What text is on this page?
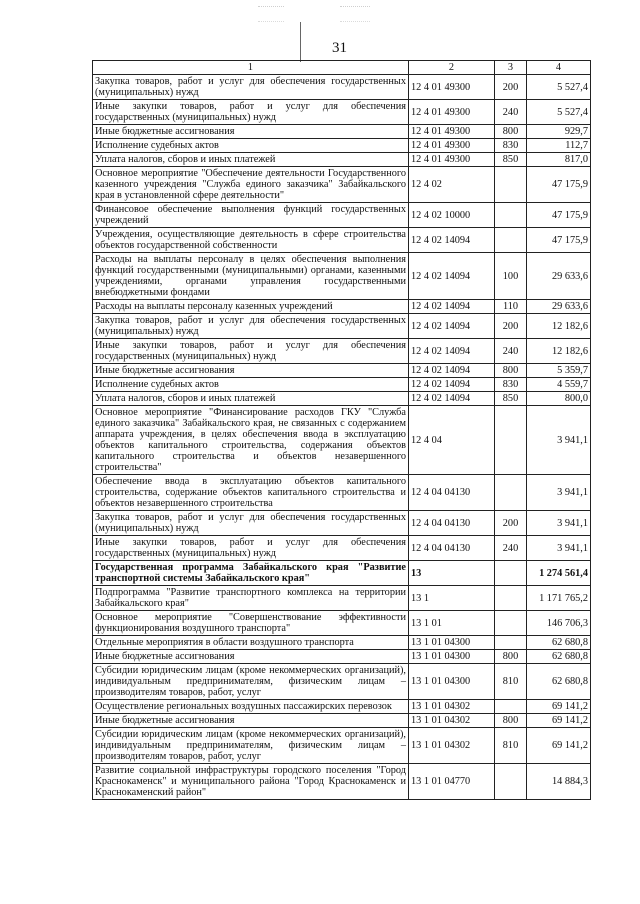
31
1	2	3	4
Закупка товаров, работ и услуг для обеспечения государственных (муниципальных) нужд	12 4 01 49300	200	5 527,4
Иные закупки товаров, работ и услуг для обеспечения государственных (муниципальных) нужд	12 4 01 49300	240	5 527,4
Иные бюджетные ассигнования	12 4 01 49300	800	929,7
Исполнение судебных актов	12 4 01 49300	830	112,7
Уплата налогов, сборов и иных платежей	12 4 01 49300	850	817,0
Основное мероприятие "Обеспечение деятельности Государственного казенного учреждения "Служба единого заказчика" Забайкальского края в установленной сфере деятельности"	12 4 02		47 175,9
Финансовое обеспечение выполнения функций государственных учреждений	12 4 02 10000		47 175,9
Учреждения, осуществляющие деятельность в сфере строительства объектов государственной собственности	12 4 02 14094		47 175,9
Расходы на выплаты персоналу в целях обеспечения выполнения функций государственными (муниципальными) органами, казенными учреждениями, органами управления государственными внебюджетными фондами	12 4 02 14094	100	29 633,6
Расходы на выплаты персоналу казенных учреждений	12 4 02 14094	110	29 633,6
Закупка товаров, работ и услуг для обеспечения государственных (муниципальных) нужд	12 4 02 14094	200	12 182,6
Иные закупки товаров, работ и услуг для обеспечения государственных (муниципальных) нужд	12 4 02 14094	240	12 182,6
Иные бюджетные ассигнования	12 4 02 14094	800	5 359,7
Исполнение судебных актов	12 4 02 14094	830	4 559,7
Уплата налогов, сборов и иных платежей	12 4 02 14094	850	800,0
Основное мероприятие "Финансирование расходов ГКУ "Служба единого заказчика" Забайкальского края, не связанных с содержанием аппарата учреждения, в целях обеспечения ввода в эксплуатацию объектов капитального строительства, содержания объектов капитального строительства и объектов незавершенного строительства"	12 4 04		3 941,1
Обеспечение ввода в эксплуатацию объектов капитального строительства, содержание объектов капитального строительства и объектов незавершенного строительства	12 4 04 04130		3 941,1
Закупка товаров, работ и услуг для обеспечения государственных (муниципальных) нужд	12 4 04 04130	200	3 941,1
Иные закупки товаров, работ и услуг для обеспечения государственных (муниципальных) нужд	12 4 04 04130	240	3 941,1
Государственная программа Забайкальского края "Развитие транспортной системы Забайкальского края"	13		1 274 561,4
Подпрограмма "Развитие транспортного комплекса на территории Забайкальского края"	13 1		1 171 765,2
Основное мероприятие "Совершенствование эффективности функционирования воздушного транспорта"	13 1 01		146 706,3
Отдельные мероприятия в области воздушного транспорта	13 1 01 04300		62 680,8
Иные бюджетные ассигнования	13 1 01 04300	800	62 680,8
Субсидии юридическим лицам (кроме некоммерческих организаций), индивидуальным предпринимателям, физическим лицам – производителям товаров, работ, услуг	13 1 01 04300	810	62 680,8
Осуществление региональных воздушных пассажирских перевозок	13 1 01 04302		69 141,2
Иные бюджетные ассигнования	13 1 01 04302	800	69 141,2
Субсидии юридическим лицам (кроме некоммерческих организаций), индивидуальным предпринимателям, физическим лицам – производителям товаров, работ, услуг	13 1 01 04302	810	69 141,2
Развитие социальной инфраструктуры городского поселения "Город Краснокаменск" и муниципального района "Город Краснокаменск и Краснокаменский район"	13 1 01 04770		14 884,3
